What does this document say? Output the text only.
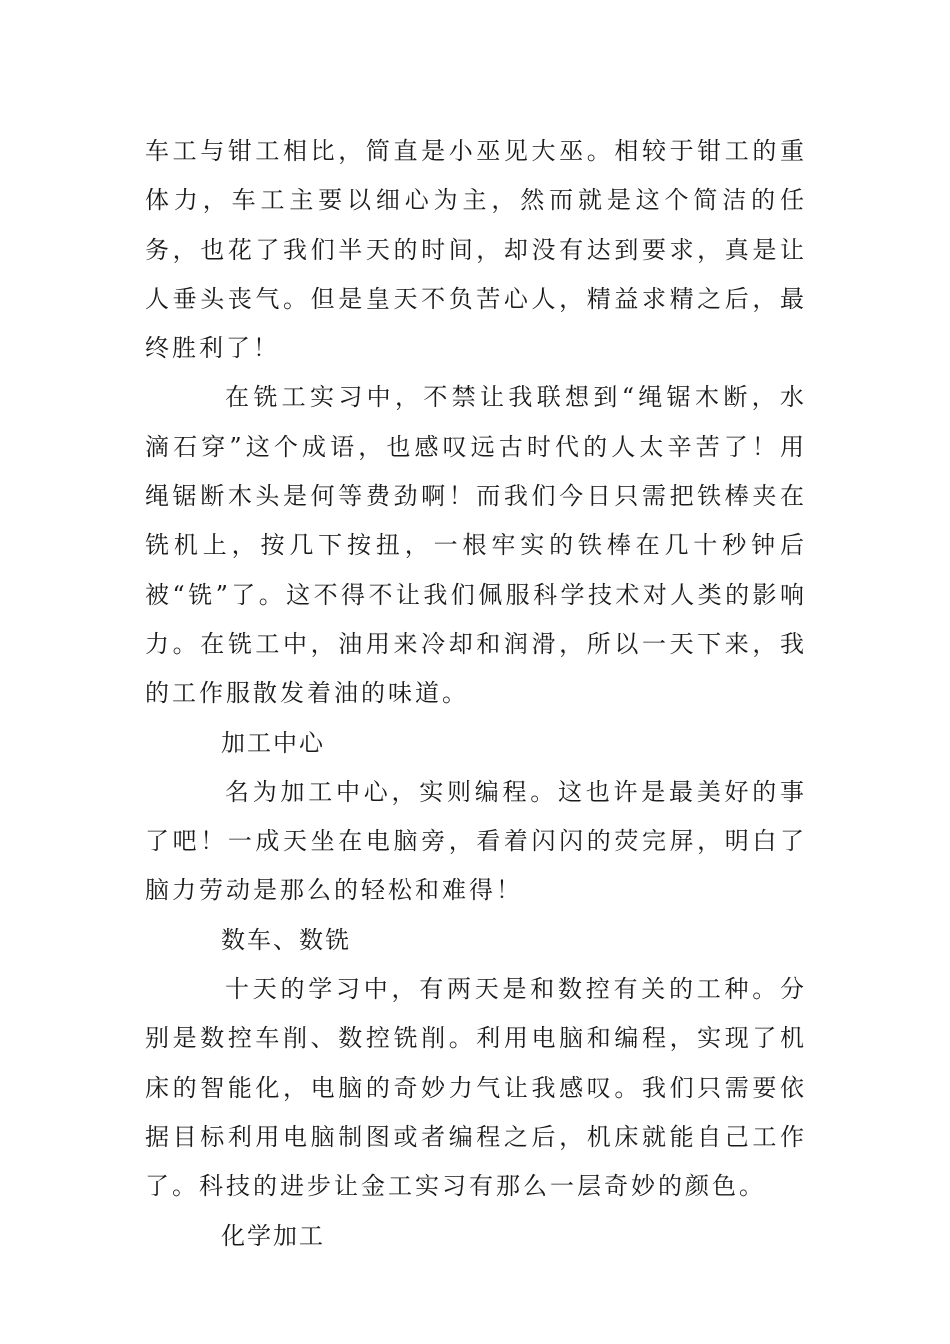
车工与钳工相比，简直是小巫见大巫。相较于钳工的重体力，车工主要以细心为主，然而就是这个简洁的任务，也花了我们半天的时间，却没有达到要求，真是让人垂头丧气。但是皇天不负苦心人，精益求精之后，最终胜利了！

在铣工实习中，不禁让我联想到“绳锯木断，水滴石穿”这个成语，也感叹远古时代的人太辛苦了！用绳锯断木头是何等费劲啊！而我们今日只需把铁棒夹在铣机上，按几下按扭，一根牢实的铁棒在几十秒钟后被“铣”了。这不得不让我们佩服科学技术对人类的影响力。在铣工中，油用来冷却和润滑，所以一天下来，我的工作服散发着油的味道。

加工中心

名为加工中心，实则编程。这也许是最美好的事了吧！一成天坐在电脑旁，看着闪闪的荧完屏，明白了脑力劳动是那么的轻松和难得！

数车、数铣

十天的学习中，有两天是和数控有关的工种。分别是数控车削、数控铣削。利用电脑和编程，实现了机床的智能化，电脑的奇妙力气让我感叹。我们只需要依据目标利用电脑制图或者编程之后，机床就能自己工作了。科技的进步让金工实习有那么一层奇妙的颜色。

化学加工
